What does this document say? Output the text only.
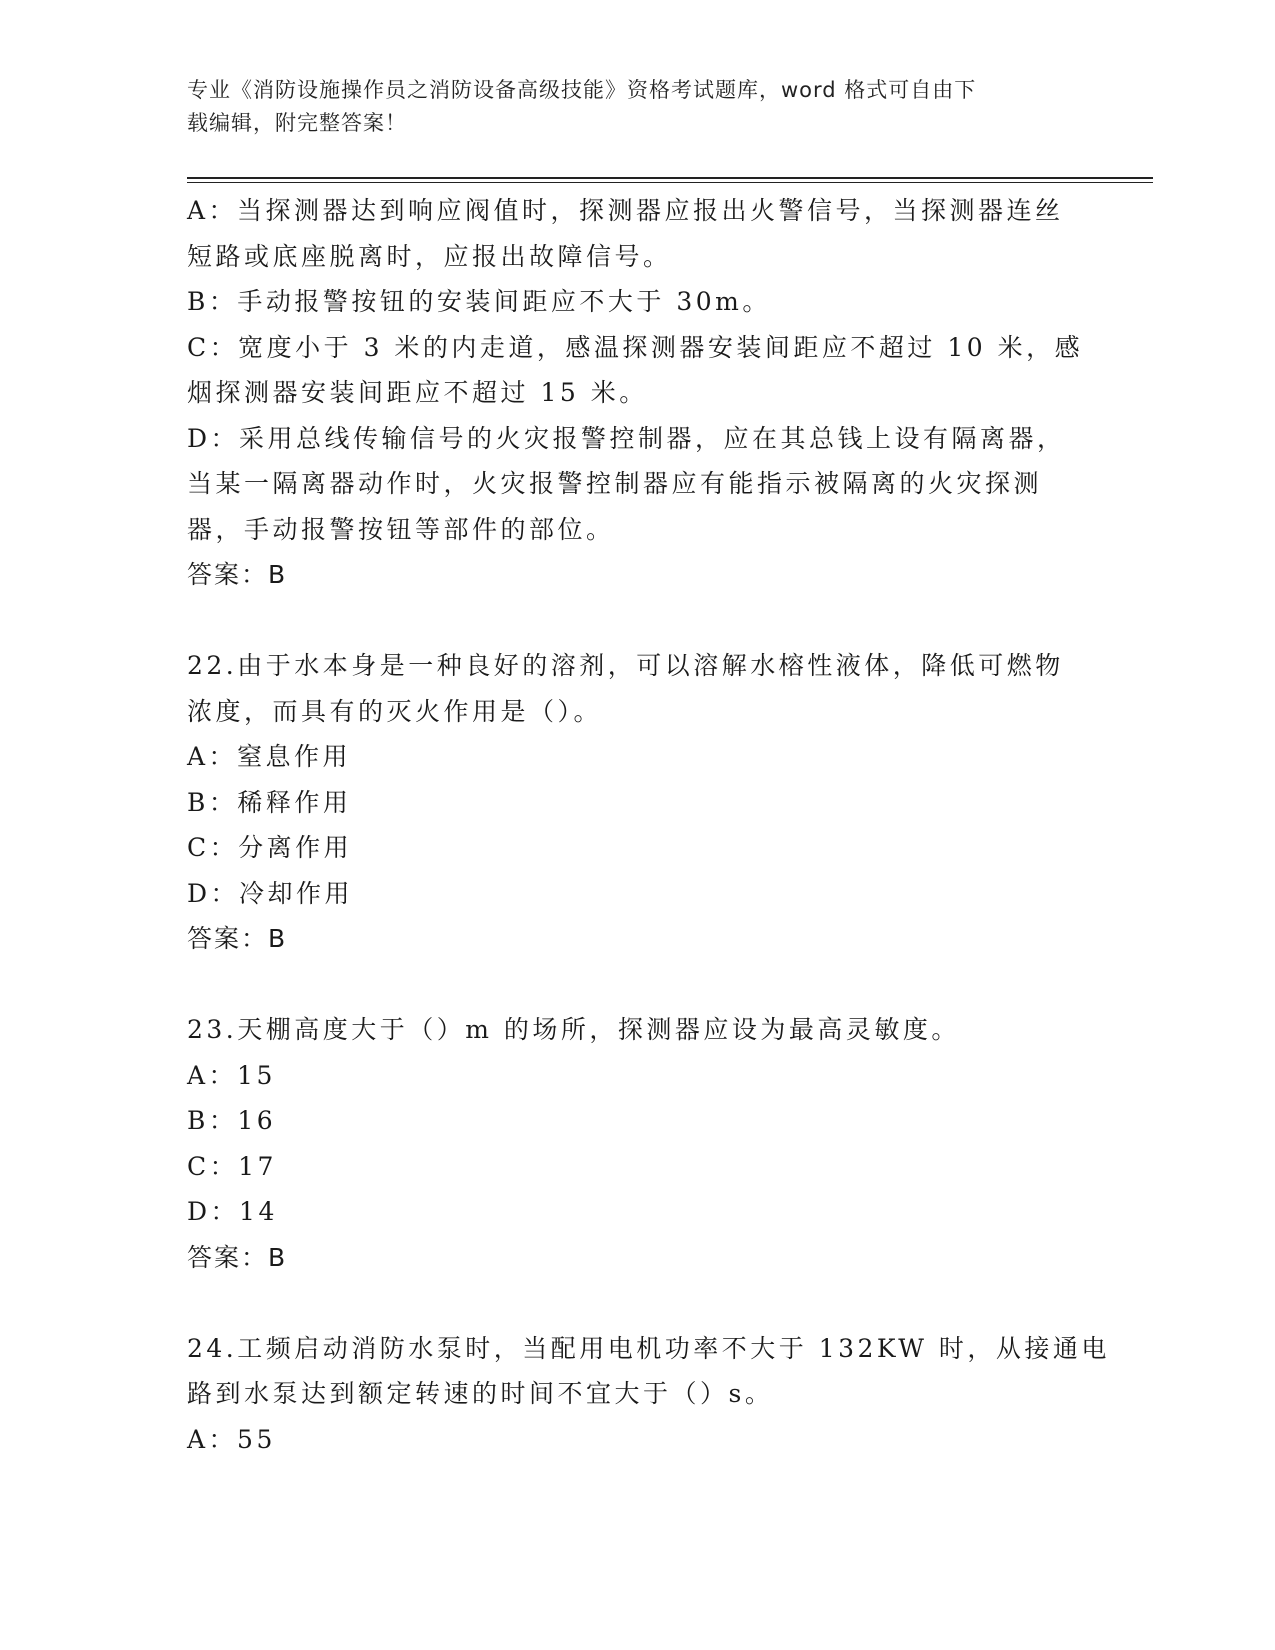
专业《消防设施操作员之消防设备高级技能》资格考试题库，word 格式可自由下
载编辑，附完整答案！
A：当探测器达到响应阀值时，探测器应报出火警信号，当探测器连丝
短路或底座脱离时，应报出故障信号。
B：手动报警按钮的安装间距应不大于 30m。
C：宽度小于 3 米的内走道，感温探测器安装间距应不超过 10 米，感
烟探测器安装间距应不超过 15 米。
D：采用总线传输信号的火灾报警控制器，应在其总钱上设有隔离器，
当某一隔离器动作时，火灾报警控制器应有能指示被隔离的火灾探测
器，手动报警按钮等部件的部位。
答案：B
22.由于水本身是一种良好的溶剂，可以溶解水榕性液体，降低可燃物
浓度，而具有的灭火作用是（）。
A：窒息作用
B：稀释作用
C：分离作用
D：冷却作用
答案：B
23.天棚高度大于（）m 的场所，探测器应设为最高灵敏度。
A：15
B：16
C：17
D：14
答案：B
24.工频启动消防水泵时，当配用电机功率不大于 132KW 时，从接通电
路到水泵达到额定转速的时间不宜大于（）s。
A：55
